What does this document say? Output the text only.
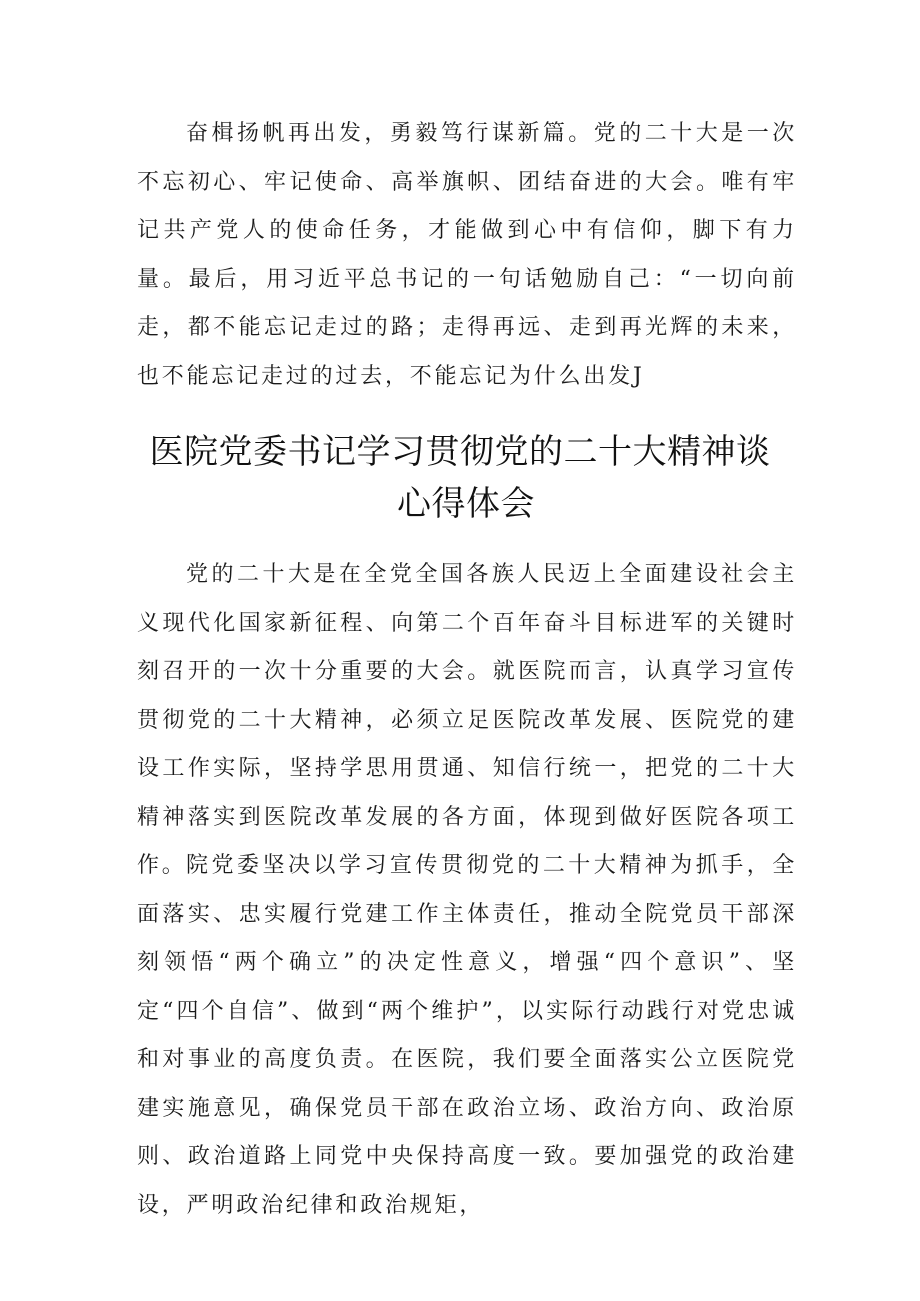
奋楫扬帆再出发，勇毅笃行谋新篇。党的二十大是一次不忘初心、牢记使命、高举旗帜、团结奋进的大会。唯有牢记共产党人的使命任务，才能做到心中有信仰，脚下有力量。最后，用习近平总书记的一句话勉励自己：“一切向前走，都不能忘记走过的路；走得再远、走到再光辉的未来，也不能忘记走过的过去，不能忘记为什么出发J

医院党委书记学习贯彻党的二十大精神谈
心得体会

党的二十大是在全党全国各族人民迈上全面建设社会主义现代化国家新征程、向第二个百年奋斗目标进军的关键时刻召开的一次十分重要的大会。就医院而言，认真学习宣传贯彻党的二十大精神，必须立足医院改革发展、医院党的建设工作实际，坚持学思用贯通、知信行统一，把党的二十大精神落实到医院改革发展的各方面，体现到做好医院各项工作。 院党委坚决以学习宣传贯彻党的二十大精神为抓手，全面落实、忠实履行党建工作主体责任，推动全院党员干部深刻领悟“两个确立”的决定性意义，增强“四个意识”、坚定“四个自信”、做到“两个维护”，以实际行动践行对党忠诚和对事业的高度负责。在医院，我们要全面落实公立医院党建实施意见，确保党员干部在政治立场、政治方向、政治原则、政治道路上同党中央保持高度一致。要加强党的政治建设，严明政治纪律和政治规矩，
